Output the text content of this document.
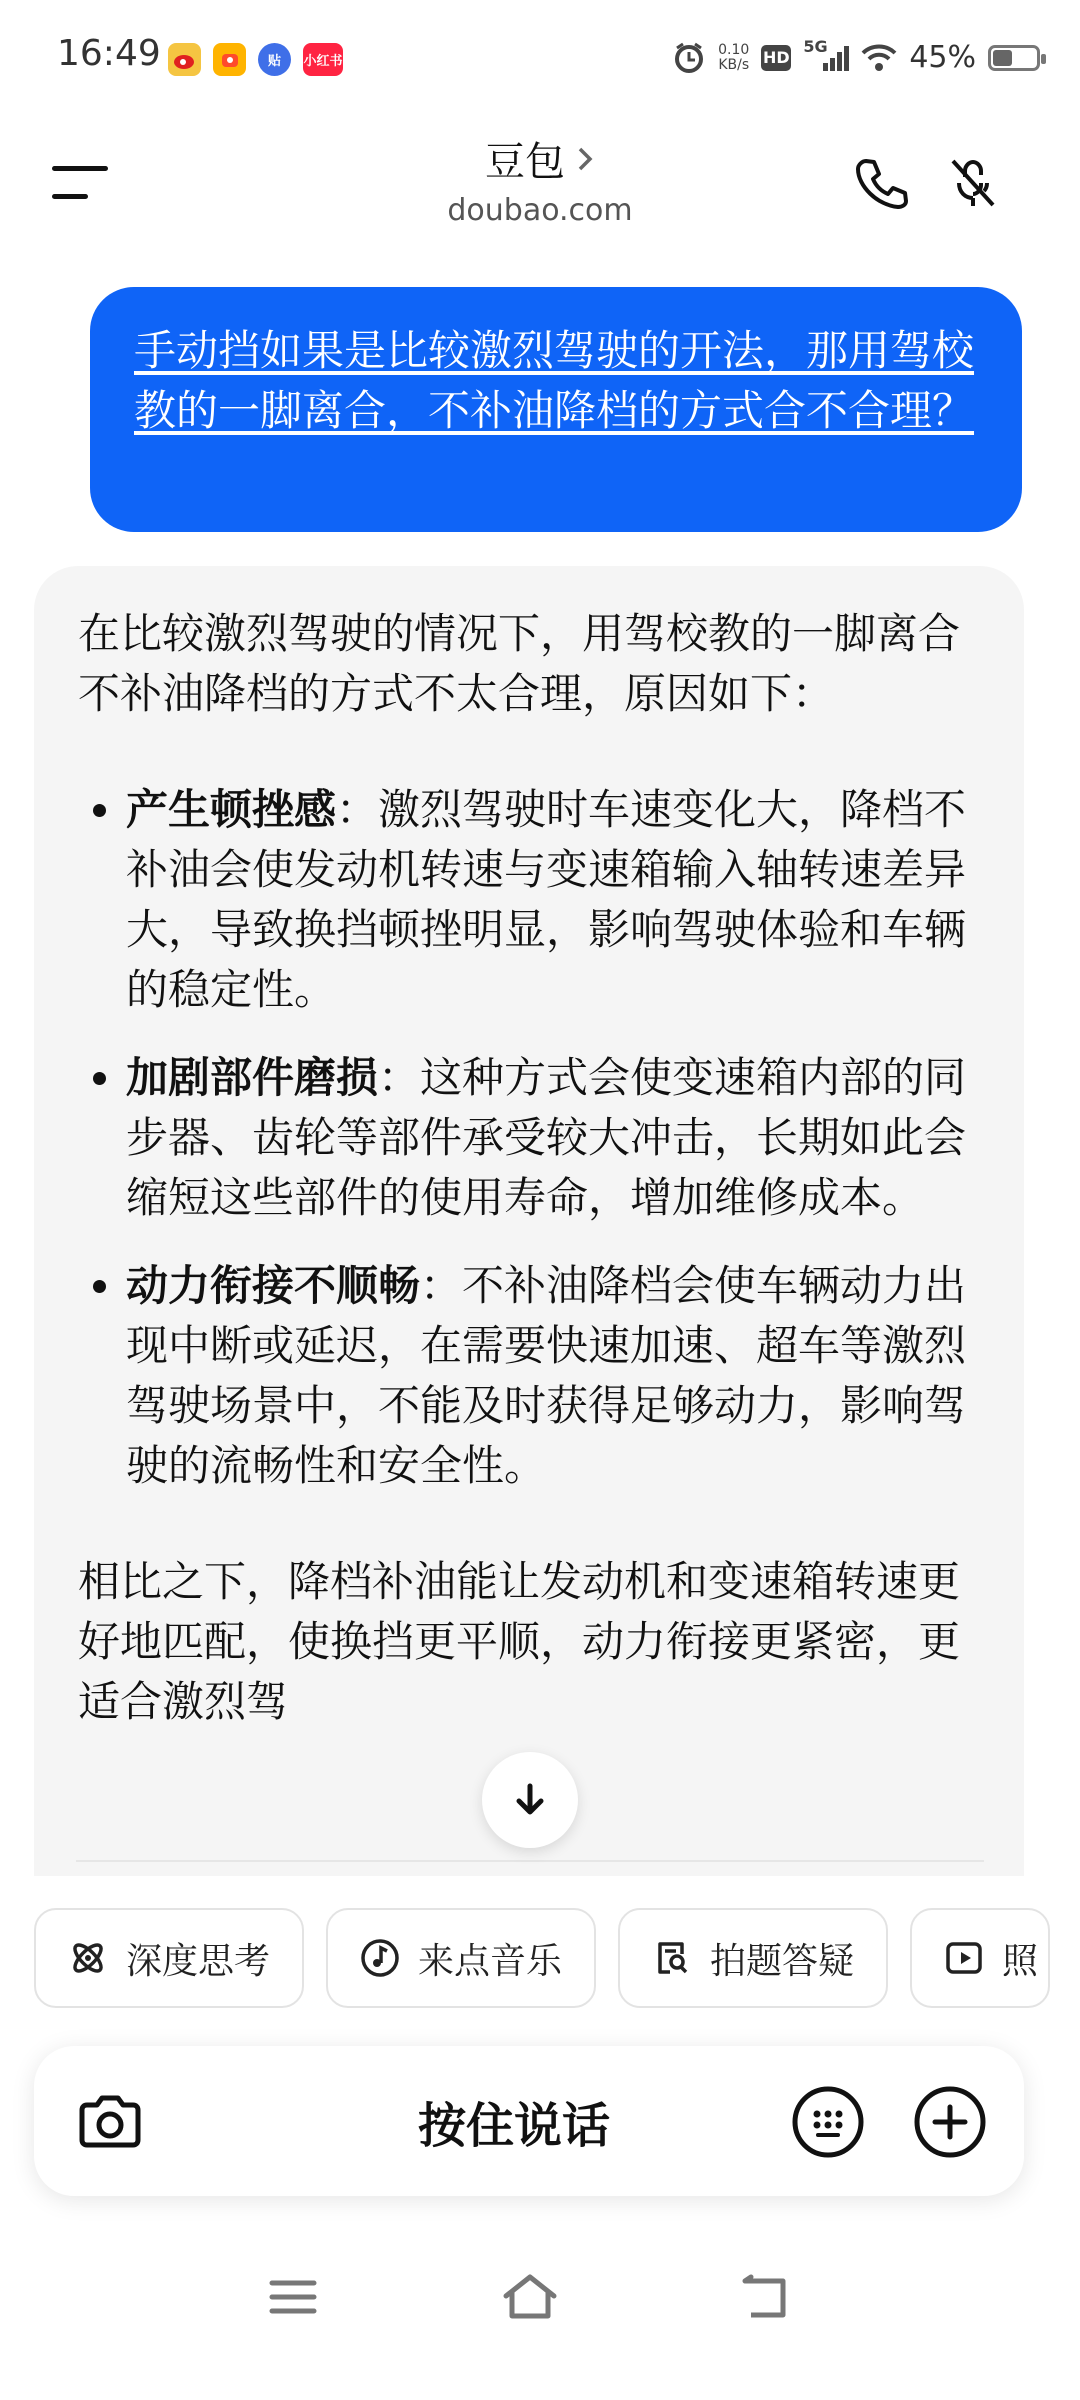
16:49	贴	小红书
0.10
KB/s HD
5G	45%
豆包
doubao.com
手动挡如果是比较激烈驾驶的开法，那用驾校教的一脚离合，不补油降档的方式合不合理？

在比较激烈驾驶的情况下，用驾校教的一脚离合不补油降档的方式不太合理，原因如下：

• 产生顿挫感：激烈驾驶时车速变化大，降档不补油会使发动机转速与变速箱输入轴转速差异大，导致换挡顿挫明显，影响驾驶体验和车辆的稳定性。
• 加剧部件磨损：这种方式会使变速箱内部的同步器、齿轮等部件承受较大冲击，长期如此会缩短这些部件的使用寿命，增加维修成本。
• 动力衔接不顺畅：不补油降档会使车辆动力出现中断或延迟，在需要快速加速、超车等激烈驾驶场景中，不能及时获得足够动力，影响驾驶的流畅性和安全性。

相比之下，降档补油能让发动机和变速箱转速更好地匹配，使换挡更平顺，动力衔接更紧密，更适合激烈驾

深度思考	来点音乐	拍题答疑	照
按住说话
